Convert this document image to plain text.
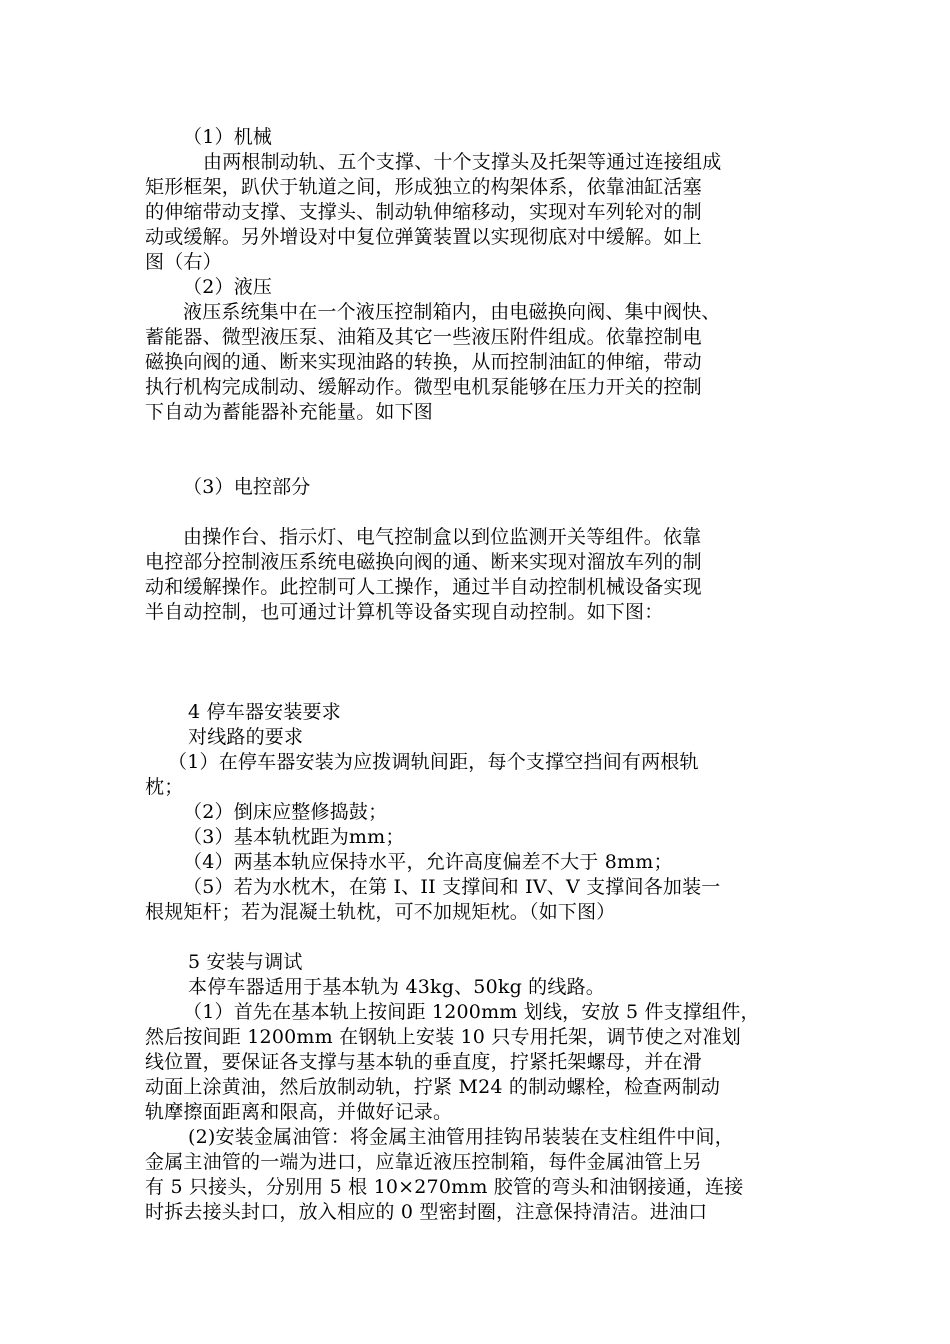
（1）机械
由两根制动轨、五个支撑、十个支撑头及托架等通过连接组成
矩形框架，趴伏于轨道之间，形成独立的构架体系，依靠油缸活塞
的伸缩带动支撑、支撑头、制动轨伸缩移动，实现对车列轮对的制
动或缓解。另外增设对中复位弹簧装置以实现彻底对中缓解。如上
图（右）
（2）液压
液压系统集中在一个液压控制箱内，由电磁换向阀、集中阀快、
蓄能器、微型液压泵、油箱及其它一些液压附件组成。依靠控制电
磁换向阀的通、断来实现油路的转换，从而控制油缸的伸缩，带动
执行机构完成制动、缓解动作。微型电机泵能够在压力开关的控制
下自动为蓄能器补充能量。如下图
（3）电控部分
由操作台、指示灯、电气控制盒以到位监测开关等组件。依靠
电控部分控制液压系统电磁换向阀的通、断来实现对溜放车列的制
动和缓解操作。此控制可人工操作，通过半自动控制机械设备实现
半自动控制，也可通过计算机等设备实现自动控制。如下图：
4 停车器安装要求
对线路的要求
（1）在停车器安装为应拨调轨间距，每个支撑空挡间有两根轨
枕；
（2）倒床应整修捣鼓；
（3）基本轨枕距为mm；
（4）两基本轨应保持水平，允许高度偏差不大于 8mm；
（5）若为水枕木，在第 I、II 支撑间和 IV、V 支撑间各加装一
根规矩杆；若为混凝土轨枕，可不加规矩枕。（如下图）
5 安装与调试
本停车器适用于基本轨为 43kg、50kg 的线路。
（1）首先在基本轨上按间距 1200mm 划线，安放 5 件支撑组件，
然后按间距 1200mm 在钢轨上安装 10 只专用托架，调节使之对准划
线位置，要保证各支撑与基本轨的垂直度，拧紧托架螺母，并在滑
动面上涂黄油，然后放制动轨，拧紧 M24 的制动螺栓，检查两制动
轨摩擦面距离和限高，并做好记录。
(2)安装金属油管：将金属主油管用挂钩吊装装在支柱组件中间，
金属主油管的一端为进口，应靠近液压控制箱，每件金属油管上另
有 5 只接头，分别用 5 根 10×270mm 胶管的弯头和油钢接通，连接
时拆去接头封口，放入相应的 0 型密封圈，注意保持清洁。进油口
